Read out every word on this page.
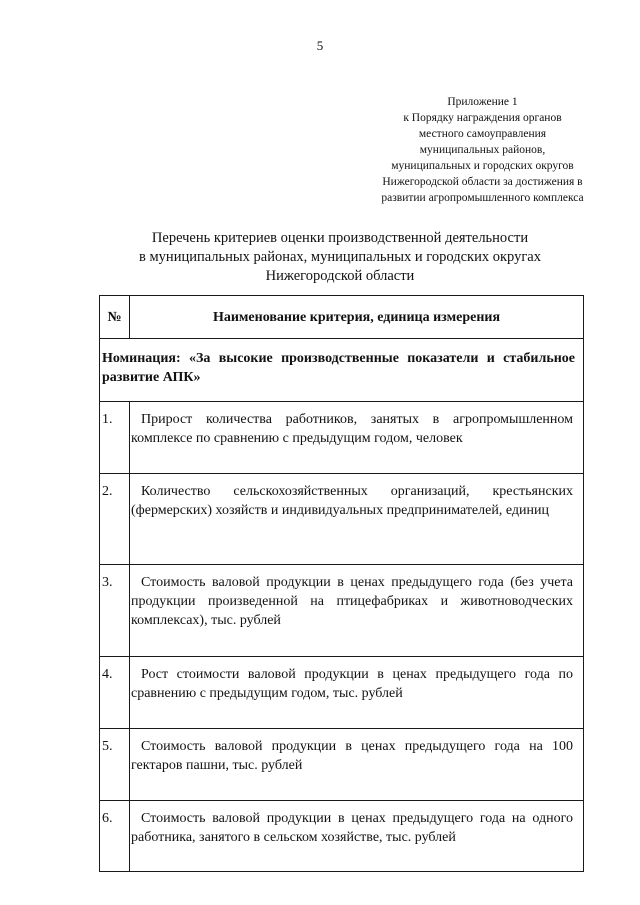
5
Приложение 1
к Порядку награждения органов
местного самоуправления
муниципальных районов,
муниципальных и городских округов
Нижегородской области за достижения в
развитии агропромышленного комплекса
Перечень критериев оценки производственной деятельности
в муниципальных районах, муниципальных и городских округах
Нижегородской области
№	Наименование критерия, единица измерения
Номинация: «За высокие производственные показатели и стабильное развитие АПК»	
1.	Прирост количества работников, занятых в агропромышленном комплексе по сравнению с предыдущим годом, человек
2.	Количество сельскохозяйственных организаций, крестьянских (фермерских) хозяйств и индивидуальных предпринимателей, единиц
3.	Стоимость валовой продукции в ценах предыдущего года (без учета продукции произведенной на птицефабриках и животноводческих комплексах), тыс. рублей
4.	Рост стоимости валовой продукции в ценах предыдущего года по сравнению с предыдущим годом, тыс. рублей
5.	Стоимость валовой продукции в ценах предыдущего года на 100 гектаров пашни, тыс. рублей
6.	Стоимость валовой продукции в ценах предыдущего года на одного работника, занятого в сельском хозяйстве, тыс. рублей
